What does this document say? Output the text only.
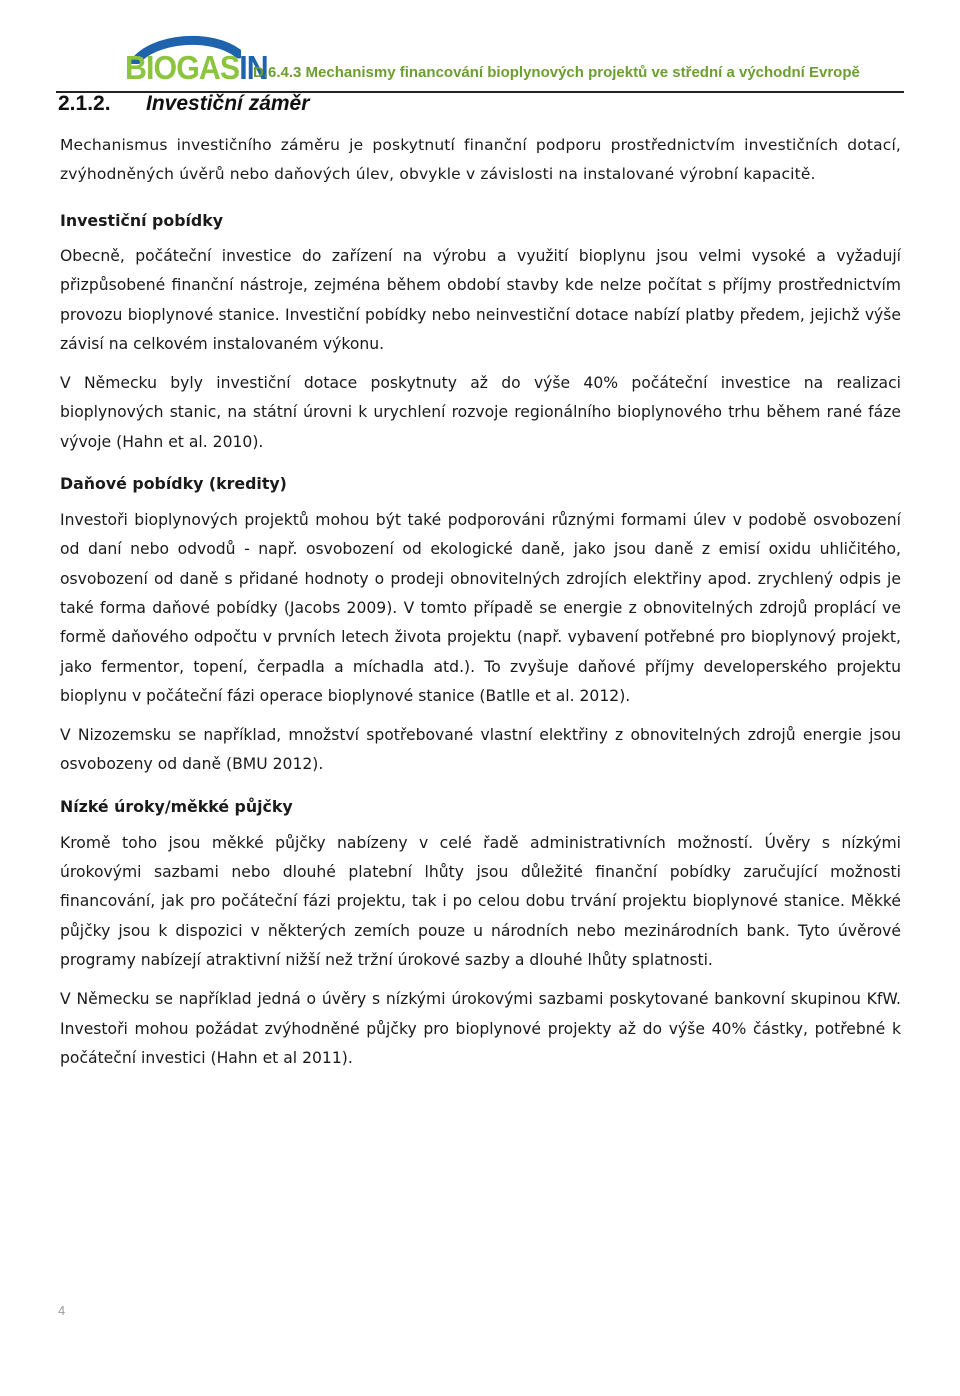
BIOGASIN
D.6.4.3 Mechanismy financování bioplynových projektů ve střední a východní Evropě
2.1.2. Investiční záměr

Mechanismus investičního záměru je poskytnutí finanční podporu prostřednictvím investičních dotací, zvýhodněných úvěrů nebo daňových úlev, obvykle v závislosti na instalované výrobní kapacitě.

Investiční pobídky

Obecně, počáteční investice do zařízení na výrobu a využití bioplynu jsou velmi vysoké a vyžadují přizpůsobené finanční nástroje, zejména během období stavby kde nelze počítat s příjmy prostřednictvím provozu bioplynové stanice. Investiční pobídky nebo neinvestiční dotace nabízí platby předem, jejichž výše závisí na celkovém instalovaném výkonu.

V Německu byly investiční dotace poskytnuty až do výše 40% počáteční investice na realizaci bioplynových stanic, na státní úrovni k urychlení rozvoje regionálního bioplynového trhu během rané fáze vývoje (Hahn et al. 2010).

Daňové pobídky (kredity)

Investoři bioplynových projektů mohou být také podporováni různými formami úlev v podobě osvobození od daní nebo odvodů - např. osvobození od ekologické daně, jako jsou daně z emisí oxidu uhličitého, osvobození od daně s přidané hodnoty o prodeji obnovitelných zdrojích elektřiny apod. zrychlený odpis je také forma daňové pobídky (Jacobs 2009). V tomto případě se energie z obnovitelných zdrojů proplácí ve formě daňového odpočtu v prvních letech života projektu (např. vybavení potřebné pro bioplynový projekt, jako fermentor, topení, čerpadla a míchadla atd.). To zvyšuje daňové příjmy developerského projektu bioplynu v počáteční fázi operace bioplynové stanice (Batlle et al. 2012).

V Nizozemsku se například, množství spotřebované vlastní elektřiny z obnovitelných zdrojů energie jsou osvobozeny od daně (BMU 2012).

Nízké úroky/měkké půjčky

Kromě toho jsou měkké půjčky nabízeny v celé řadě administrativních možností. Úvěry s nízkými úrokovými sazbami nebo dlouhé platební lhůty jsou důležité finanční pobídky zaručující možnosti financování, jak pro počáteční fázi projektu, tak i po celou dobu trvání projektu bioplynové stanice. Měkké půjčky jsou k dispozici v některých zemích pouze u národních nebo mezinárodních bank. Tyto úvěrové programy nabízejí atraktivní nižší než tržní úrokové sazby a dlouhé lhůty splatnosti.

V Německu se například jedná o úvěry s nízkými úrokovými sazbami poskytované bankovní skupinou KfW. Investoři mohou požádat zvýhodněné půjčky pro bioplynové projekty až do výše 40% částky, potřebné k počáteční investici (Hahn et al 2011).

4
